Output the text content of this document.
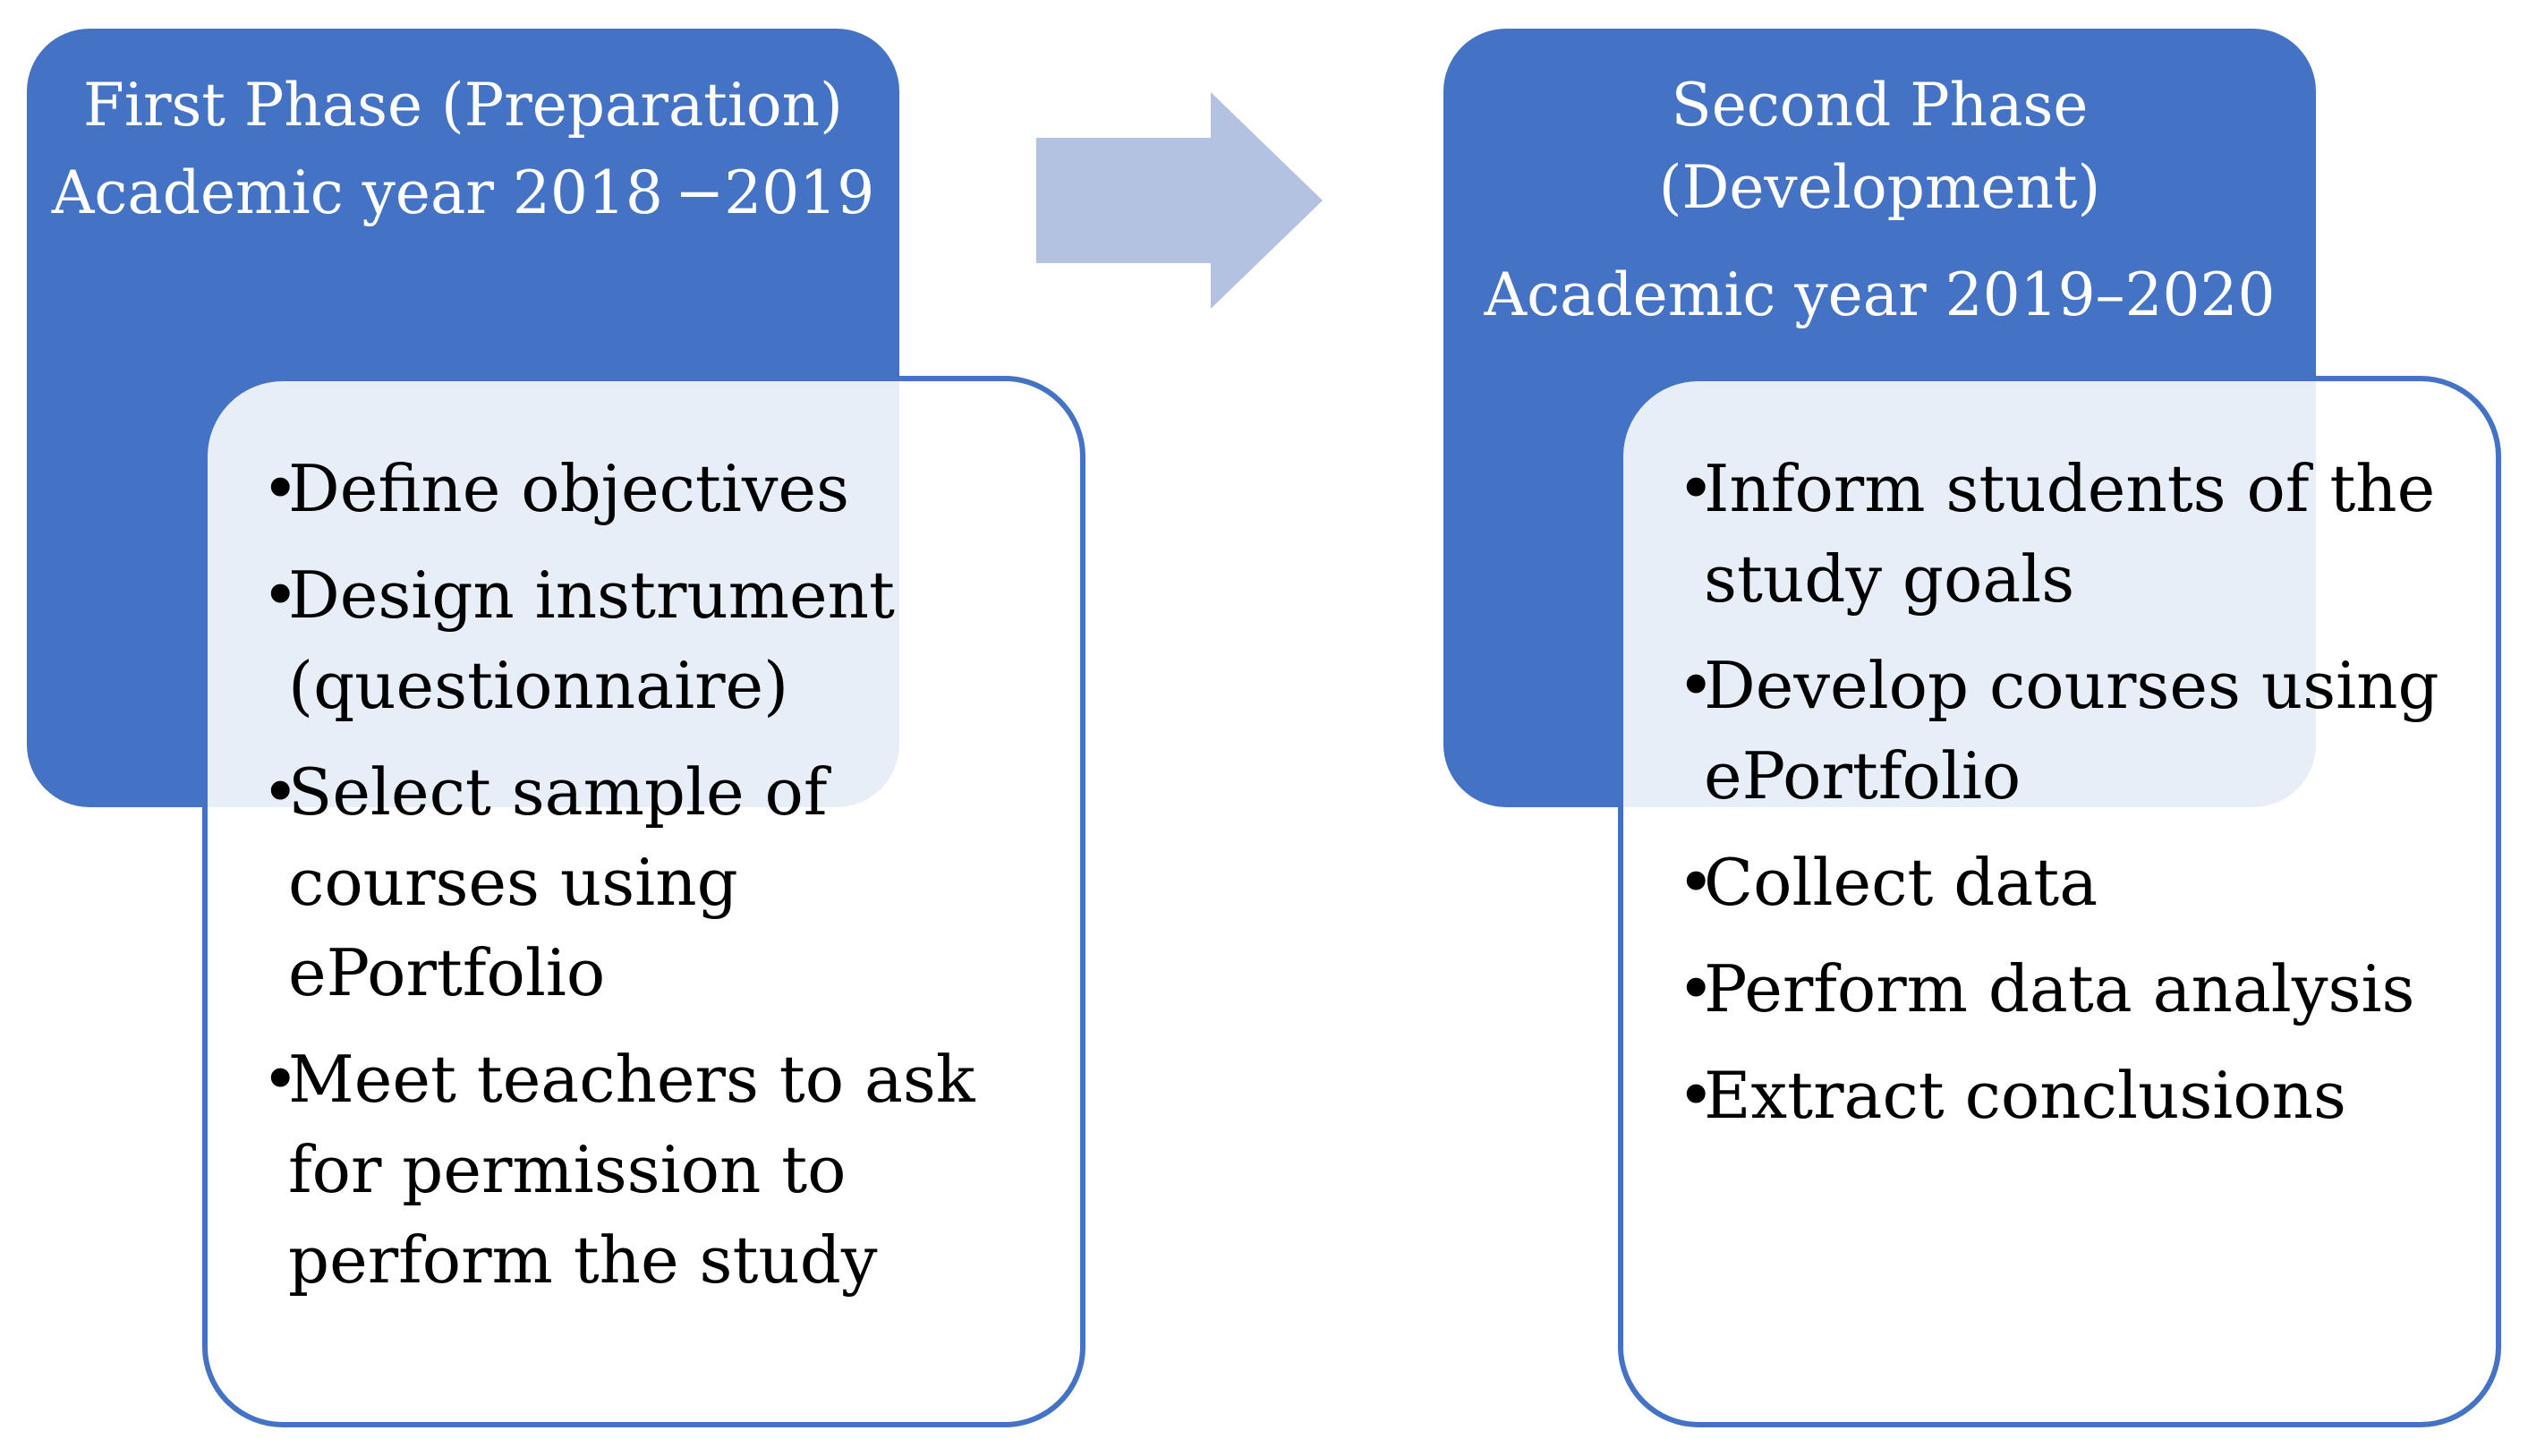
First Phase (Preparation)

Academic year 2018 −2019

Second Phase

(Development)

Academic year 2019–2020

•
Define objectives
•
Design instrument (questionnaire)
•
Select sample of courses using ePortfolio
•
Meet teachers to ask for permission to perform the study
•
Inform students of the study goals
•
Develop courses using ePortfolio
•
Collect data
•
Perform data analysis
•
Extract conclusions
